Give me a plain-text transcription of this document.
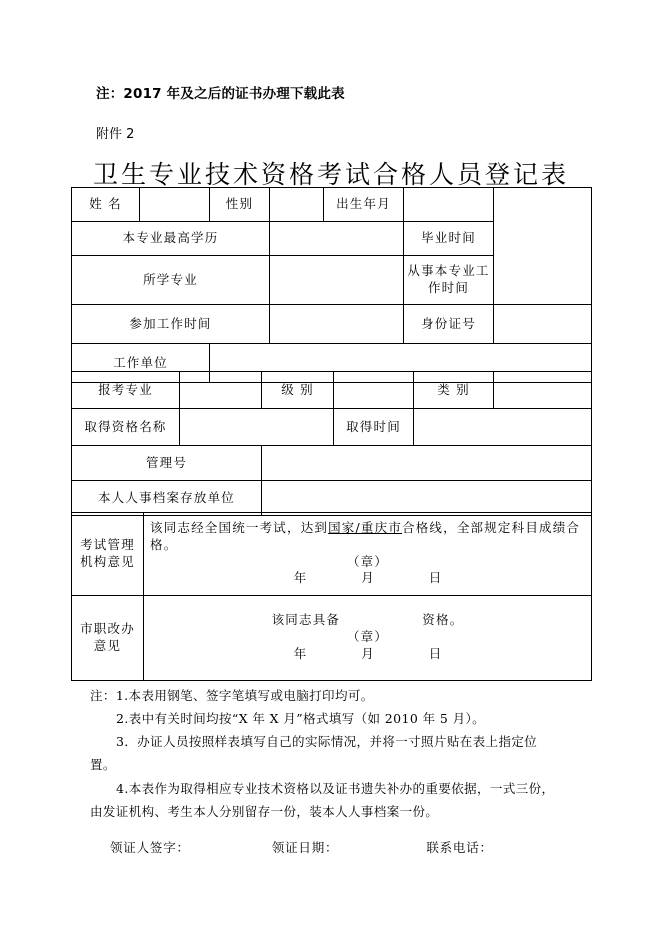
注：2017 年及之后的证书办理下载此表
附件 2
卫生专业技术资格考试合格人员登记表
姓 名		性别		出生年月			
本专业最高学历					毕业时间		
所学专业					从事本专业工
作时间		
参加工作时间					身份证号		
工作单位							
报考专业		级 别		类 别	
取得资格名称			取得时间		
管理号					
本人人事档案存放单位					
考试管理
机构意见	该同志经全国统一考试，达到国家/重庆市合格线，全部规定科目成绩合格。
（章）
年　　月　　日

市职改办
意见	该同志具备　　　　　　资格。
（章）
年　　月　　日
注：1.本表用钢笔、签字笔填写或电脑打印均可。
2.表中有关时间均按“X 年 X 月”格式填写（如 2010 年 5 月）。
3．办证人员按照样表填写自己的实际情况，并将一寸照片贴在表上指定位
置。
4.本表作为取得相应专业技术资格以及证书遗失补办的重要依据，一式三份，
由发证机构、考生本人分别留存一份，装本人人事档案一份。
领证人签字：	领证日期：	联系电话：
